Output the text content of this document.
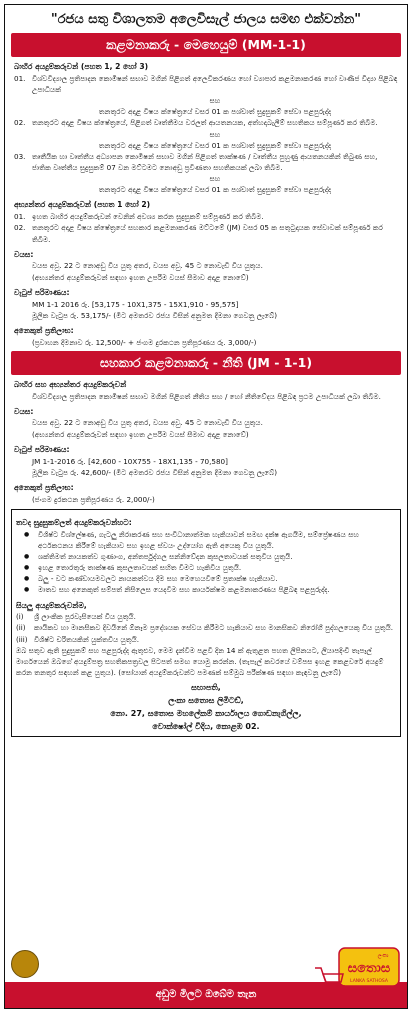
"රජය සතු විශාලතම අලෙවිසැල් ජාලය සමඟ එක්වන්න"
කළමනාකරු - මෙහෙයුම් (MM-1-1)
බාහිර අයදුම්කරුවන් (පහත 1, 2 හෝ 3)
01. විශ්වවිද්‍යාල ප්‍රතිපාදන කොමිෂන් සභාව මගින් පිළිගත් අලෙවිකරණය හෝ ව්‍යාපාර කළමනාකරණ හෝ වාණිජ විද්‍යා පිළිබඳ උපාධියක්
සහ
තනතුරට අදාළ විෂය ක්ෂේත්‍රයේ වසර 01 ක පශ්චාත් සුදුසුකම් සේවා පළපුරුද්ද
02. තනතුරට අදාළ විෂය ක්ෂේත්‍රයේ, පිළිගත් වෘත්තීමය වරලත් ආයතනයක, අත්හදාබැලීම් සහතිකය සම්පූර්ණ කර තිබීම.
සහ
තනතුරට අදාළ විෂය ක්ෂේත්‍රයේ වසර 01 ක පශ්චාත් සුදුසුකම් සේවා පළපුරුද්ද
03. තෘතීයික හා වෘත්තීය අධ්‍යාපන කොමිෂන් සභාව මගින් පිළිගත් තාක්ෂණ / වෘත්තීය පුහුණු ආයතනයකින් තිබුණ සහ, ජාතික වෘත්තීය සුදුසුකම් 07 වන මට්ටමට නොඅඩු ප්‍රවීණතා සහතිකයක් ලබා තිබීම.
සහ
තනතුරට අදාළ විෂය ක්ෂේත්‍රයේ වසර 01 ක පශ්චාත් සුදුසුකම් සේවා පළපුරුද්ද
අභ්‍යන්තර අයදුම්කරුවන් (පහත 1 හෝ 2)
01. ඉහත බාහිර අයදුම්කරුවන් වෙනින් අවශ්‍ය කරන සුදුසුකම් සම්පූර්ණ කර තිබීම.
02. තනතුරට අදාළ විෂය ක්ෂේත්‍රයේ සහකාර කළමනාකරණ මට්ටමේ (JM) වසර 05 ක සතුටුදායක සේවාවක් සම්පූර්ණ කර තිබීම.
වයස:
වයස අවු. 22 ට නොඅඩු විය යුතු අතර, වයස අවු. 45 ට නොවැඩි විය යුතුය.
(අභ්‍යන්තර අයදුම්කරුවන් සඳහා ඉහත උපරිම වයස් සීමාව අදාළ නොවේ)
වැටුප් පරිමාණය:
MM 1-1 2016 රු. [53,175 - 10X1,375 - 15X1,910 - 95,575]
මූලික වැටුප රු. 53,175/- (මීට අමතරව රජය විසින් අනුමත දීමනා ගෙවනු ලැබේ)
අනෙකුත් ප්‍රතිලාභ:
(ප්‍රවාහන දීමනාව රු. 12,500/- + ජංගම දුරකථන ප්‍රතිපූරණය රු. 3,000/-)
සහකාර කළමනාකරු - නීති (JM - 1-1)
බාහිර සහ අභ්‍යන්තර අයදුම්කරුවන්
විශ්වවිද්‍යාල ප්‍රතිපාදන කොමිෂන් සභාව මගින් පිළිගත් නීතිය සහ / හෝ නීතිවේදය පිළිබඳ ප්‍රථම උපාධියක් ලබා තිබීම.
වයස:
වයස අවු. 22 ට නොඅඩු විය යුතු අතර, වයස අවු. 45 ට නොවැඩි විය යුතුය.
(අභ්‍යන්තර අයදුම්කරුවන් සඳහා ඉහත උපරිම වයස් සීමාව අදාළ නොවේ)
වැටුප් පරිමාණය:
JM 1-1-2016 රු. [42,600 - 10X755 - 18X1,135 - 70,580]
මූලික වැටුප රු. 42,600/- (මීට අමතරව රජය විසින් අනුමත දීමනා ගෙවනු ලැබේ)
අනෙකුත් ප්‍රතිලාභ:
(ජංගම දුරකථන ප්‍රතිපූරණය රු. 2,000/-)
තවද සුදුසුකම්ලත් අයදුම්කරුවන්හට:
● විශිෂ්ට විශ්ලේෂණ, ගැටලු නිරාකරණ සහ සංවිධානාත්මක හැකියාවන් සමඟ දක්ෂ ඇගයීම, සම්ප්‍රේෂණය සහ අර්ථකථනය කිරීමේ හැකියාව සහ ඉහළ ස්වයං උද්යෝග ඇති අයෙකු විය යුතුයි.
● ශක්තිමත් නායකත්ව ගුණාංග, අන්තර්පුද්ගල සන්නිවේදන කුසලතාවයක් සතුවිය යුතුයි.
● ඉහළ තොරතුරු තාක්ෂණ කුසලතාවයක් සහිත වීමට හැකිවිය යුතුයි.
● බලු - වට කණ්ඩායමවලට නායකත්වය දීම සහ මෙහෙයවීමේ ප්‍රතාක්ෂ හැකියාව.
● මාතව සහ අනෙකුත් සම්පත් නිසිලෙස යෙදවීම සහ කාර්යක්ෂම කළමනාකරණය පිළිබඳ පළපුරුද්ද.
සියලු අයදුම්කරුවන්ම,
(i)	ශ්‍රී ලාංකික පුරවැසියෙක් විය යුතුයි.
(ii)	කායිකව හා මානසිකව දිවයිනේ ඕනෑම ප්‍රදේශයක සේවය කිරීමට හැකියාව සහ මානසිකව නිරෝගී පුද්ගලයෙකු විය යුතුයි.
(iii) විශිෂ්ට චරිතයකින් යුක්තවිය යුතුයි.
ඔබ සතුව ඇති සුදුසුකම් සහ පළපුරුද්ද ඇතුළුව, මෙම දැන්වීම පළවී දින 14 ක් ඇතුළත පහත ලිපිනයට, ලියාපදිංචි තැපෑල් මාර්ගයෙන් ඔබගේ අයදුම්පත්‍ර සහතිකපත්‍රවල පිටපත් සමඟ යොමු කරන්න. (තැපැල් කවරයේ වම්පස ඉහළ කෙළවරේ අයදුම් කරන තනතුර සඳහන් කළ යුතුය). (සෝයාන් අයදුම්කරුවන්ට පමණක් සම්මුඛ පරීක්ෂණ සඳහා කැඳවනු ලැබේ)
සභාපති,
ලංකා සතොස ලිමිටඩ්,
නො. 27, සතොස මහලේකම් කාර්යාලය ගොඩනැගිල්ල,
වොක්ෂෝල් වීදිය, කොළඹ 02.
අඩුම මිලට ඔබේම තැන
සතොස
LANKA SATHOSA
ලංකා
